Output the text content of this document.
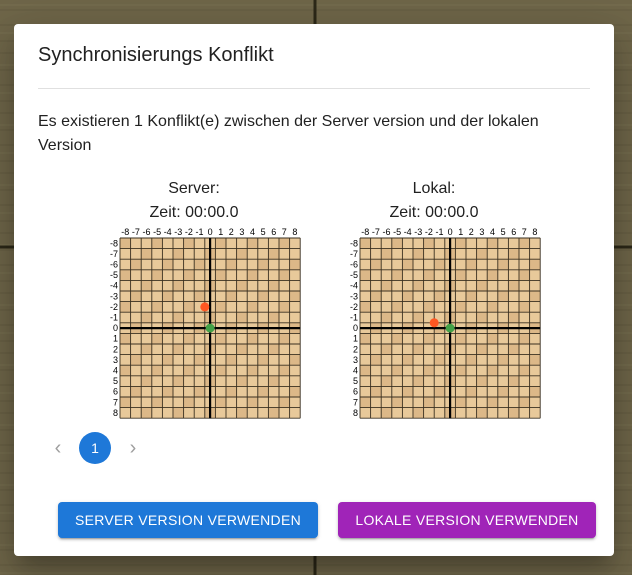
Synchronisierungs Konflikt
Es existieren 1 Konflikt(e) zwischen der Server version und der lokalen Version
Server:
Zeit: 00:00.0
-8 -7 -6 -5 -4 -3 -2 -1 0 1 2 3 4 5 6 7 8
-8
-7
-6
-5
-4
-3
-2
-1
0
1
2
3
4
5
6
7
8
Lokal:
Zeit: 00:00.0
-8 -7 -6 -5 -4 -3 -2 -1 0 1 2 3 4 5 6 7 8
-8
-7
-6
-5
-4
-3
-2
-1
0
1
2
3
4
5
6
7
8
‹	1	›
SERVER VERSION VERWENDEN	LOKALE VERSION VERWENDEN
